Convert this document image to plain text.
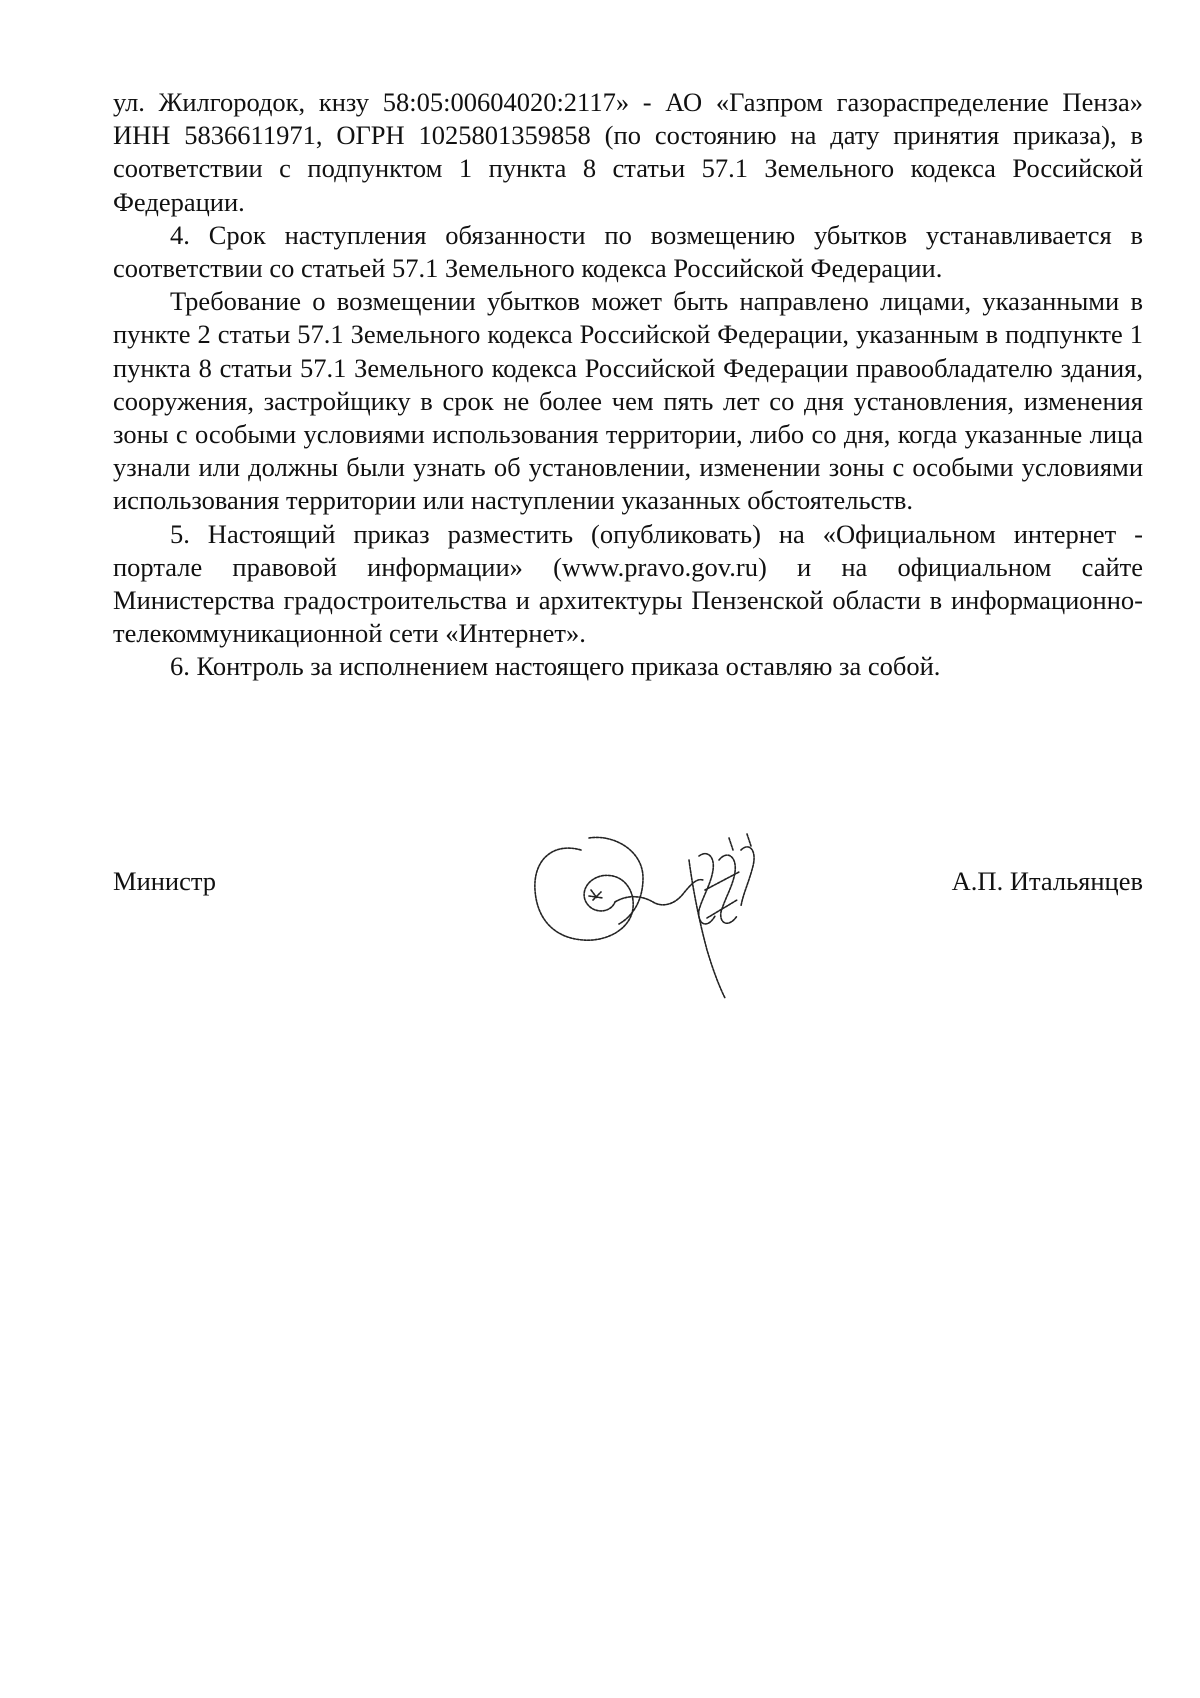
ул. Жилгородок, кнзу 58:05:00604020:2117» - АО «Газпром газораспределение Пенза» ИНН 5836611971, ОГРН 1025801359858 (по состоянию на дату принятия приказа), в соответствии с подпунктом 1 пункта 8 статьи 57.1 Земельного кодекса Российской Федерации.

4. Срок наступления обязанности по возмещению убытков устанавливается в соответствии со статьей 57.1 Земельного кодекса Российской Федерации.

Требование о возмещении убытков может быть направлено лицами, указанными в пункте 2 статьи 57.1 Земельного кодекса Российской Федерации, указанным в подпункте 1 пункта 8 статьи 57.1 Земельного кодекса Российской Федерации правообладателю здания, сооружения, застройщику в срок не более чем пять лет со дня установления, изменения зоны с особыми условиями использования территории, либо со дня, когда указанные лица узнали или должны были узнать об установлении, изменении зоны с особыми условиями использования территории или наступлении указанных обстоятельств.

5. Настоящий приказ разместить (опубликовать) на «Официальном интернет - портале правовой информации» (www.pravo.gov.ru) и на официальном сайте Министерства градостроительства и архитектуры Пензенской области в информационно-телекоммуникационной сети «Интернет».

6. Контроль за исполнением настоящего приказа оставляю за собой.

Министр	А.П. Итальянцев
